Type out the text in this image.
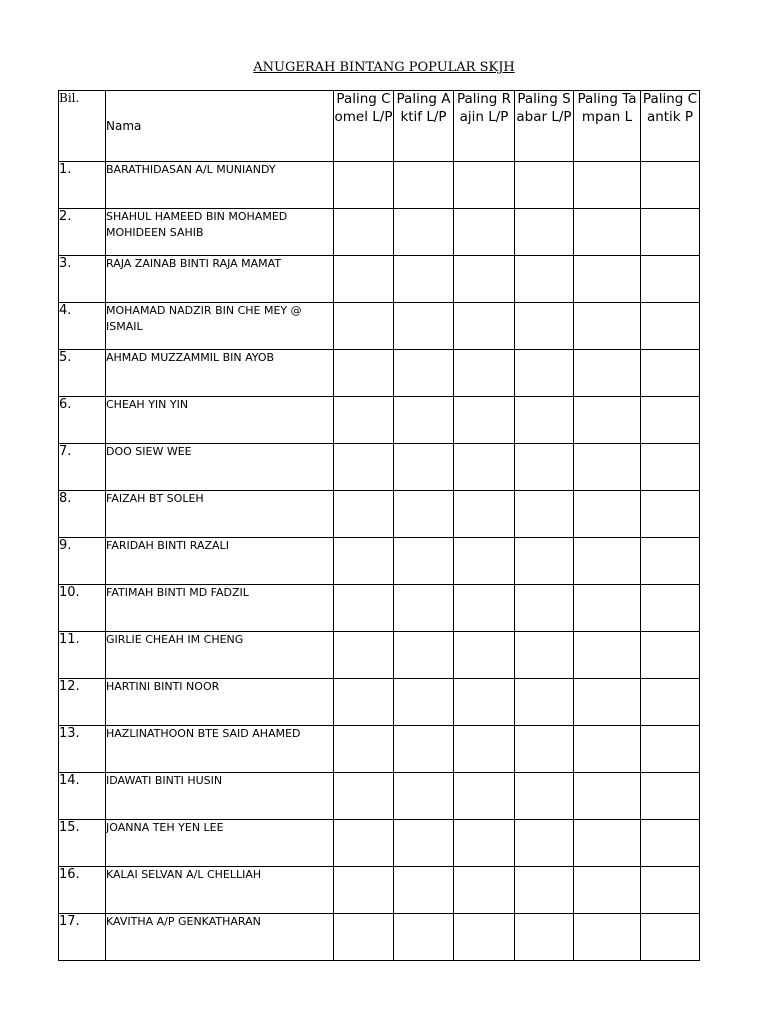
ANUGERAH BINTANG POPULAR SKJH
Bil.	Nama	Paling Comel L/P	Paling Aktif L/P	Paling Rajin L/P	Paling Sabar L/P	Paling Tampan L	Paling Cantik P
1.	BARATHIDASAN A/L MUNIANDY						
2.	SHAHUL HAMEED BIN MOHAMED MOHIDEEN SAHIB						
3.	RAJA ZAINAB BINTI RAJA MAMAT						
4.	MOHAMAD NADZIR BIN CHE MEY @ ISMAIL						
5.	AHMAD MUZZAMMIL BIN AYOB						
6.	CHEAH YIN YIN						
7.	DOO SIEW WEE						
8.	FAIZAH BT SOLEH						
9.	FARIDAH BINTI RAZALI						
10.	FATIMAH BINTI MD FADZIL						
11.	GIRLIE CHEAH IM CHENG						
12.	HARTINI BINTI NOOR						
13.	HAZLINATHOON BTE SAID AHAMED						
14.	IDAWATI BINTI HUSIN						
15.	JOANNA TEH YEN LEE						
16.	KALAI SELVAN A/L CHELLIAH						
17.	KAVITHA A/P GENKATHARAN						
